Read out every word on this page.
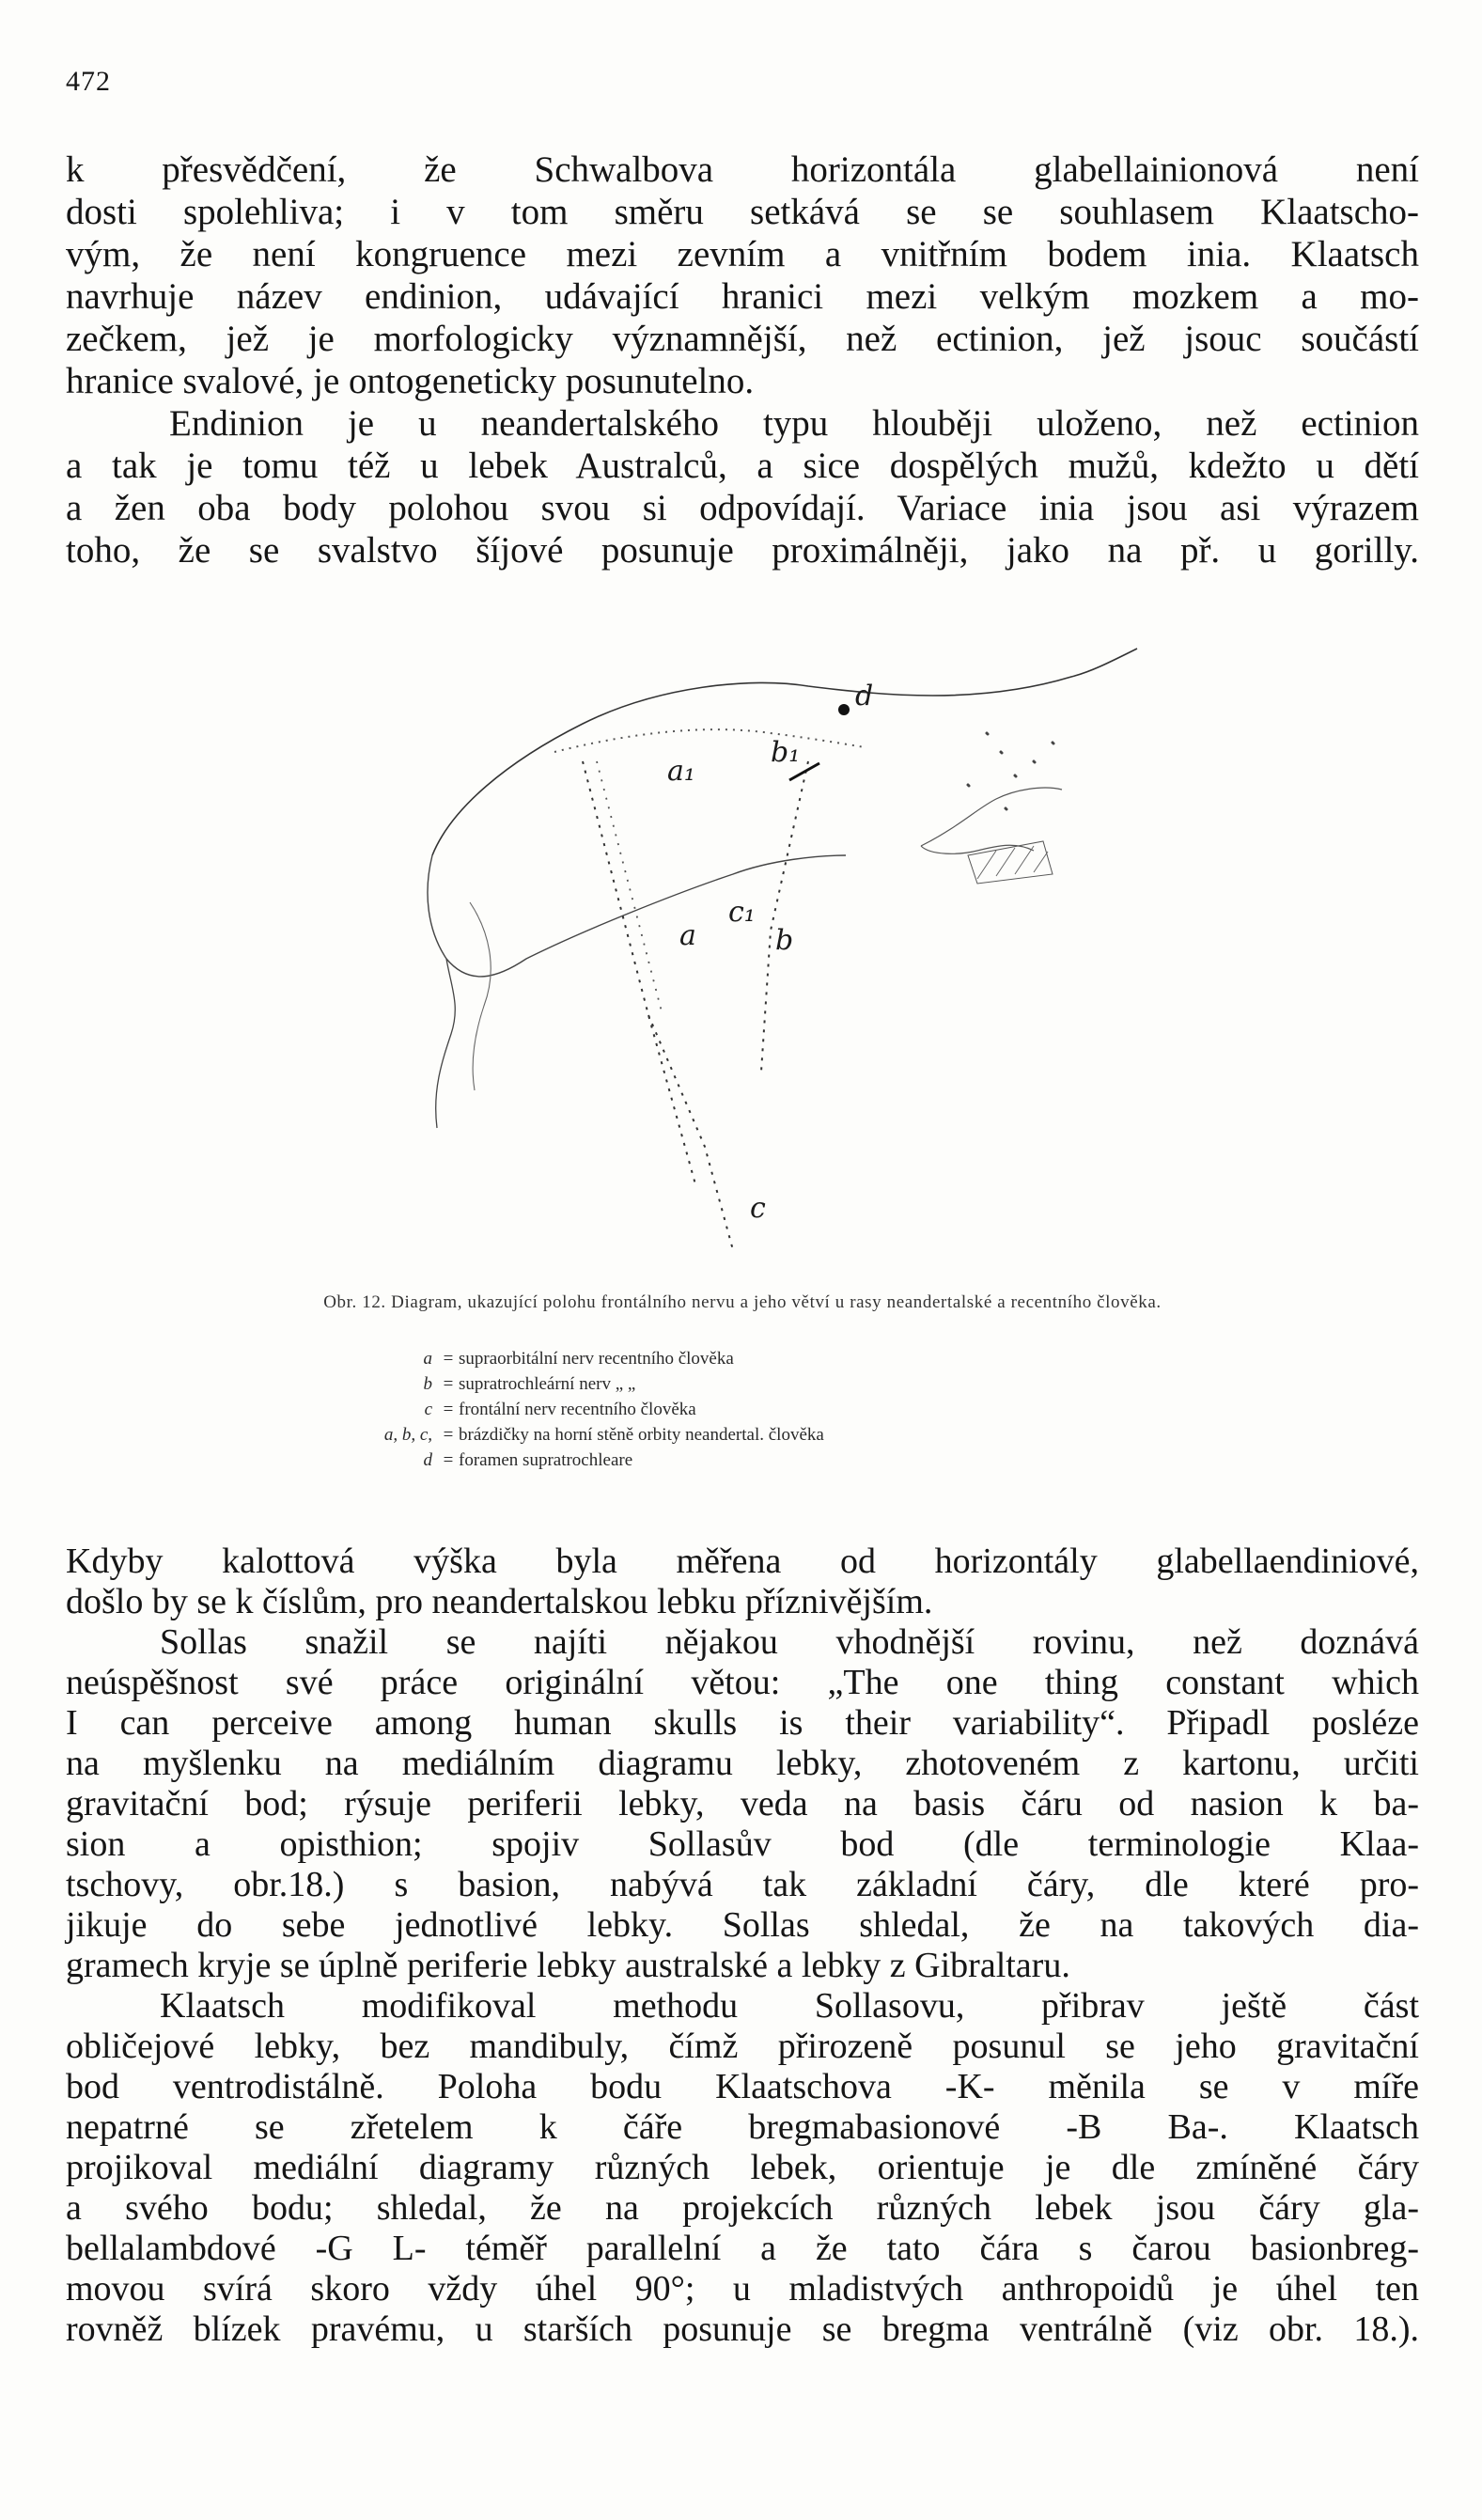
472
k přesvědčení, že Schwalbova horizontála glabellainionová není
dosti spolehliva; i v tom směru setkává se se souhlasem Klaatscho-
vým, že není kongruence mezi zevním a vnitřním bodem inia. Klaatsch
navrhuje název endinion, udávající hranici mezi velkým mozkem a mo-
zečkem, jež je morfologicky významnější, než ectinion, jež jsouc součástí
hranice svalové, je ontogeneticky posunutelno.
Endinion je u neandertalského typu hlouběji uloženo, než ectinion
a tak je tomu též u lebek Australců, a sice dospělých mužů, kdežto u dětí
a žen oba body polohou svou si odpovídají. Variace inia jsou asi výrazem
toho, že se svalstvo šíjové posunuje proximálněji, jako na př. u gorilly.
a₁
b₁
c₁
a	b
c
d
Obr. 12. Diagram, ukazující polohu frontálního nervu a jeho větví u rasy neandertalské a recentního člověka.
a = supraorbitální nerv recentního člověka
b = supratrochleární nerv „ „
c = frontální nerv recentního člověka
a, b, c, = brázdičky na horní stěně orbity neandertal. člověka
d = foramen supratrochleare
Kdyby kalottová výška byla měřena od horizontály glabellaendiniové,
došlo by se k číslům, pro neandertalskou lebku příznivějším.
Sollas snažil se najíti nějakou vhodnější rovinu, než doznává
neúspěšnost své práce originální větou: „The one thing constant which
I can perceive among human skulls is their variability“. Připadl posléze
na myšlenku na mediálním diagramu lebky, zhotoveném z kartonu, určiti
gravitační bod; rýsuje periferii lebky, veda na basis čáru od nasion k ba-
sion a opisthion; spojiv Sollasův bod (dle terminologie Klaa-
tschovy, obr.18.) s basion, nabývá tak základní čáry, dle které pro-
jikuje do sebe jednotlivé lebky. Sollas shledal, že na takových dia-
gramech kryje se úplně periferie lebky australské a lebky z Gibraltaru.
Klaatsch modifikoval methodu Sollasovu, přibrav ještě část
obličejové lebky, bez mandibuly, čímž přirozeně posunul se jeho gravitační
bod ventrodistálně. Poloha bodu Klaatschova -K- měnila se v míře
nepatrné se zřetelem k čáře bregmabasionové -B Ba-. Klaatsch
projikoval mediální diagramy různých lebek, orientuje je dle zmíněné čáry
a svého bodu; shledal, že na projekcích různých lebek jsou čáry gla-
bellalambdové -G L- téměř parallelní a že tato čára s čarou basionbreg-
movou svírá skoro vždy úhel 90°; u mladistvých anthropoidů je úhel ten
rovněž blízek pravému, u starších posunuje se bregma ventrálně (viz obr. 18.).
